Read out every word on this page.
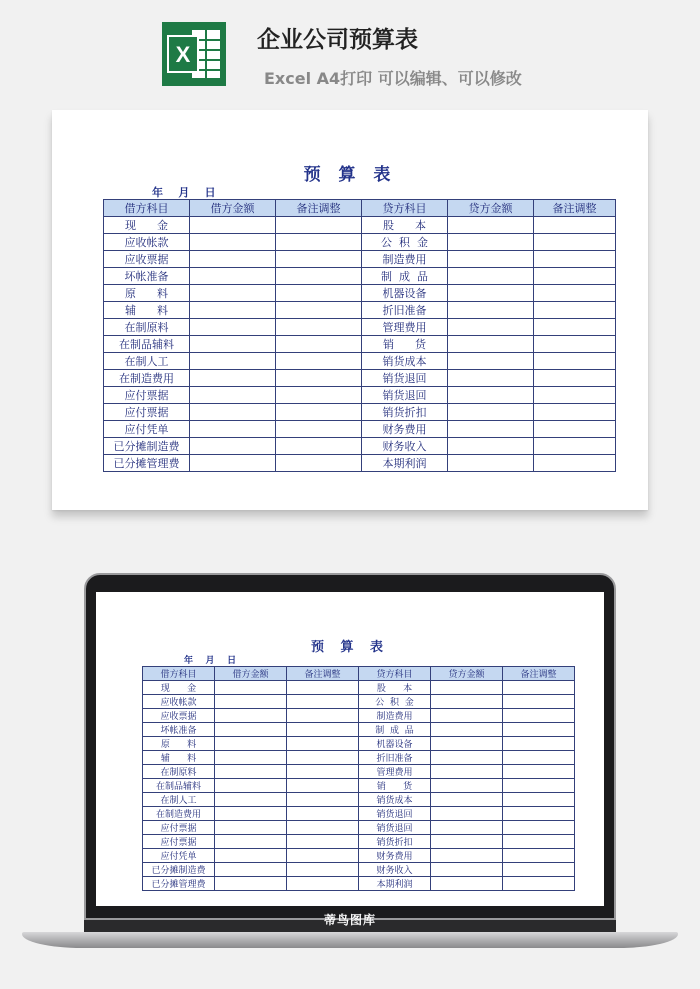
X
企业公司预算表
Excel A4打印 可以编辑、可以修改
预 算 表
年    月    日
借方科目	借方金额	备注调整	贷方科目	贷方金额	备注调整
现      金			股      本		
应收帐款			公  积  金		
应收票据			制造费用		
坏帐准备			制  成  品		
原      料			机器设备		
辅      料			折旧准备		
在制原料			管理费用		
在制品辅料			销      货		
在制人工			销货成本		
在制造费用			销货退回		
应付票据			销货退回		
应付票据			销货折扣		
应付凭单			财务费用		
已分摊制造费			财务收入		
已分摊管理费			本期利润		
预 算 表
年    月    日
借方科目	借方金额	备注调整	贷方科目	贷方金额	备注调整
现      金			股      本		
应收帐款			公  积  金		
应收票据			制造费用		
坏帐准备			制  成  品		
原      料			机器设备		
辅      料			折旧准备		
在制原料			管理费用		
在制品辅料			销      货		
在制人工			销货成本		
在制造费用			销货退回		
应付票据			销货退回		
应付票据			销货折扣		
应付凭单			财务费用		
已分摊制造费			财务收入		
已分摊管理费			本期利润		
蒂鸟图库
